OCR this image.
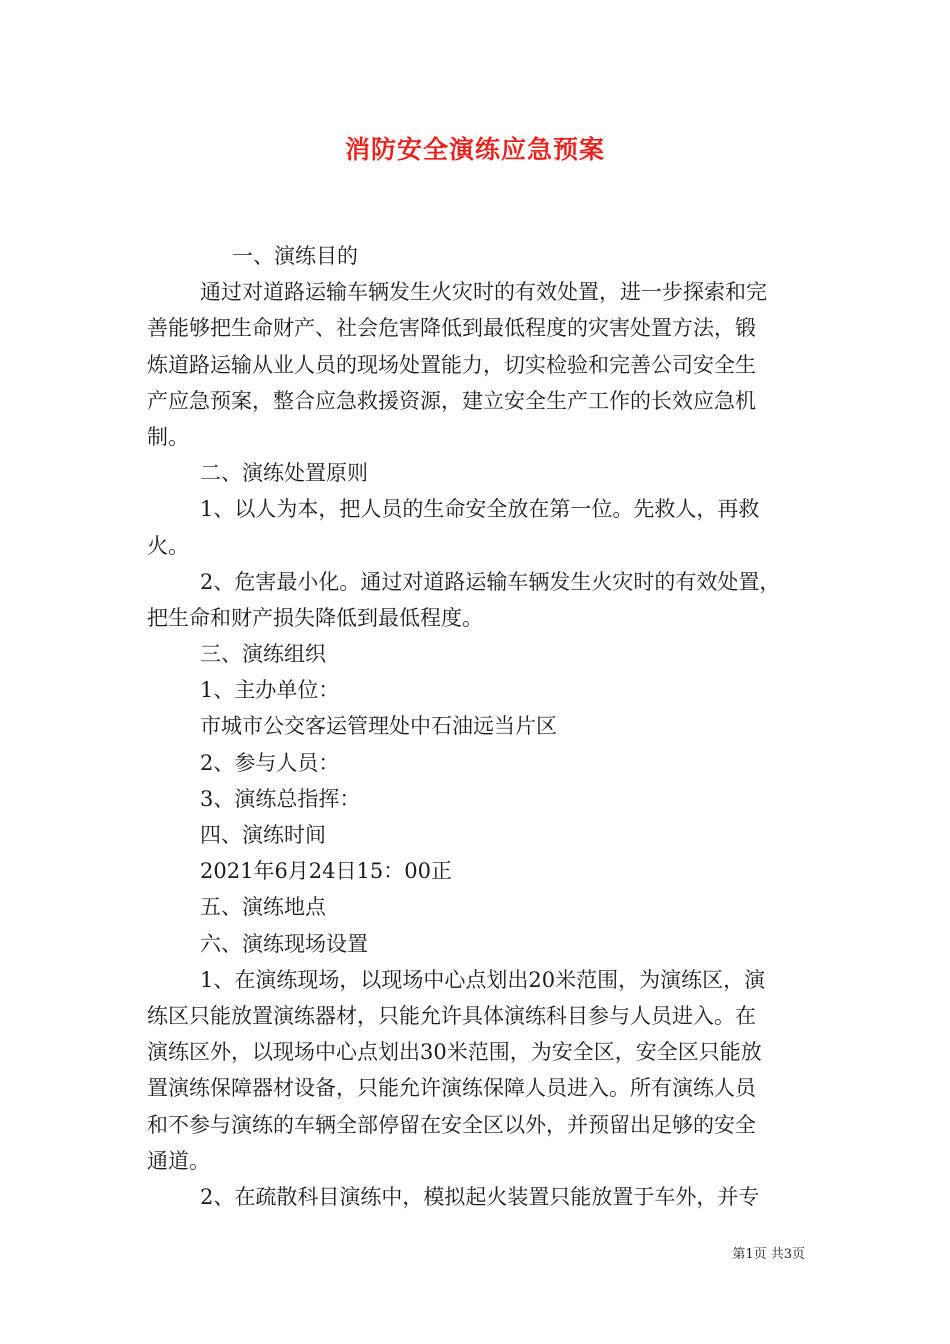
消防安全演练应急预案
一、演练目的
通过对道路运输车辆发生火灾时的有效处置，进一步探索和完
善能够把生命财产、社会危害降低到最低程度的灾害处置方法，锻
炼道路运输从业人员的现场处置能力，切实检验和完善公司安全生
产应急预案，整合应急救援资源，建立安全生产工作的长效应急机
制。
二、演练处置原则
1、以人为本，把人员的生命安全放在第一位。先救人，再救
火。
2、危害最小化。通过对道路运输车辆发生火灾时的有效处置，
把生命和财产损失降低到最低程度。
三、演练组织
1、主办单位：
市城市公交客运管理处中石油远当片区
2、参与人员：
3、演练总指挥：
四、演练时间
2021年6月24日15：00正
五、演练地点
六、演练现场设置
1、在演练现场，以现场中心点划出20米范围，为演练区，演
练区只能放置演练器材，只能允许具体演练科目参与人员进入。在
演练区外，以现场中心点划出30米范围，为安全区，安全区只能放
置演练保障器材设备，只能允许演练保障人员进入。所有演练人员
和不参与演练的车辆全部停留在安全区以外，并预留出足够的安全
通道。
2、在疏散科目演练中，模拟起火装置只能放置于车外，并专
第1页 共3页
